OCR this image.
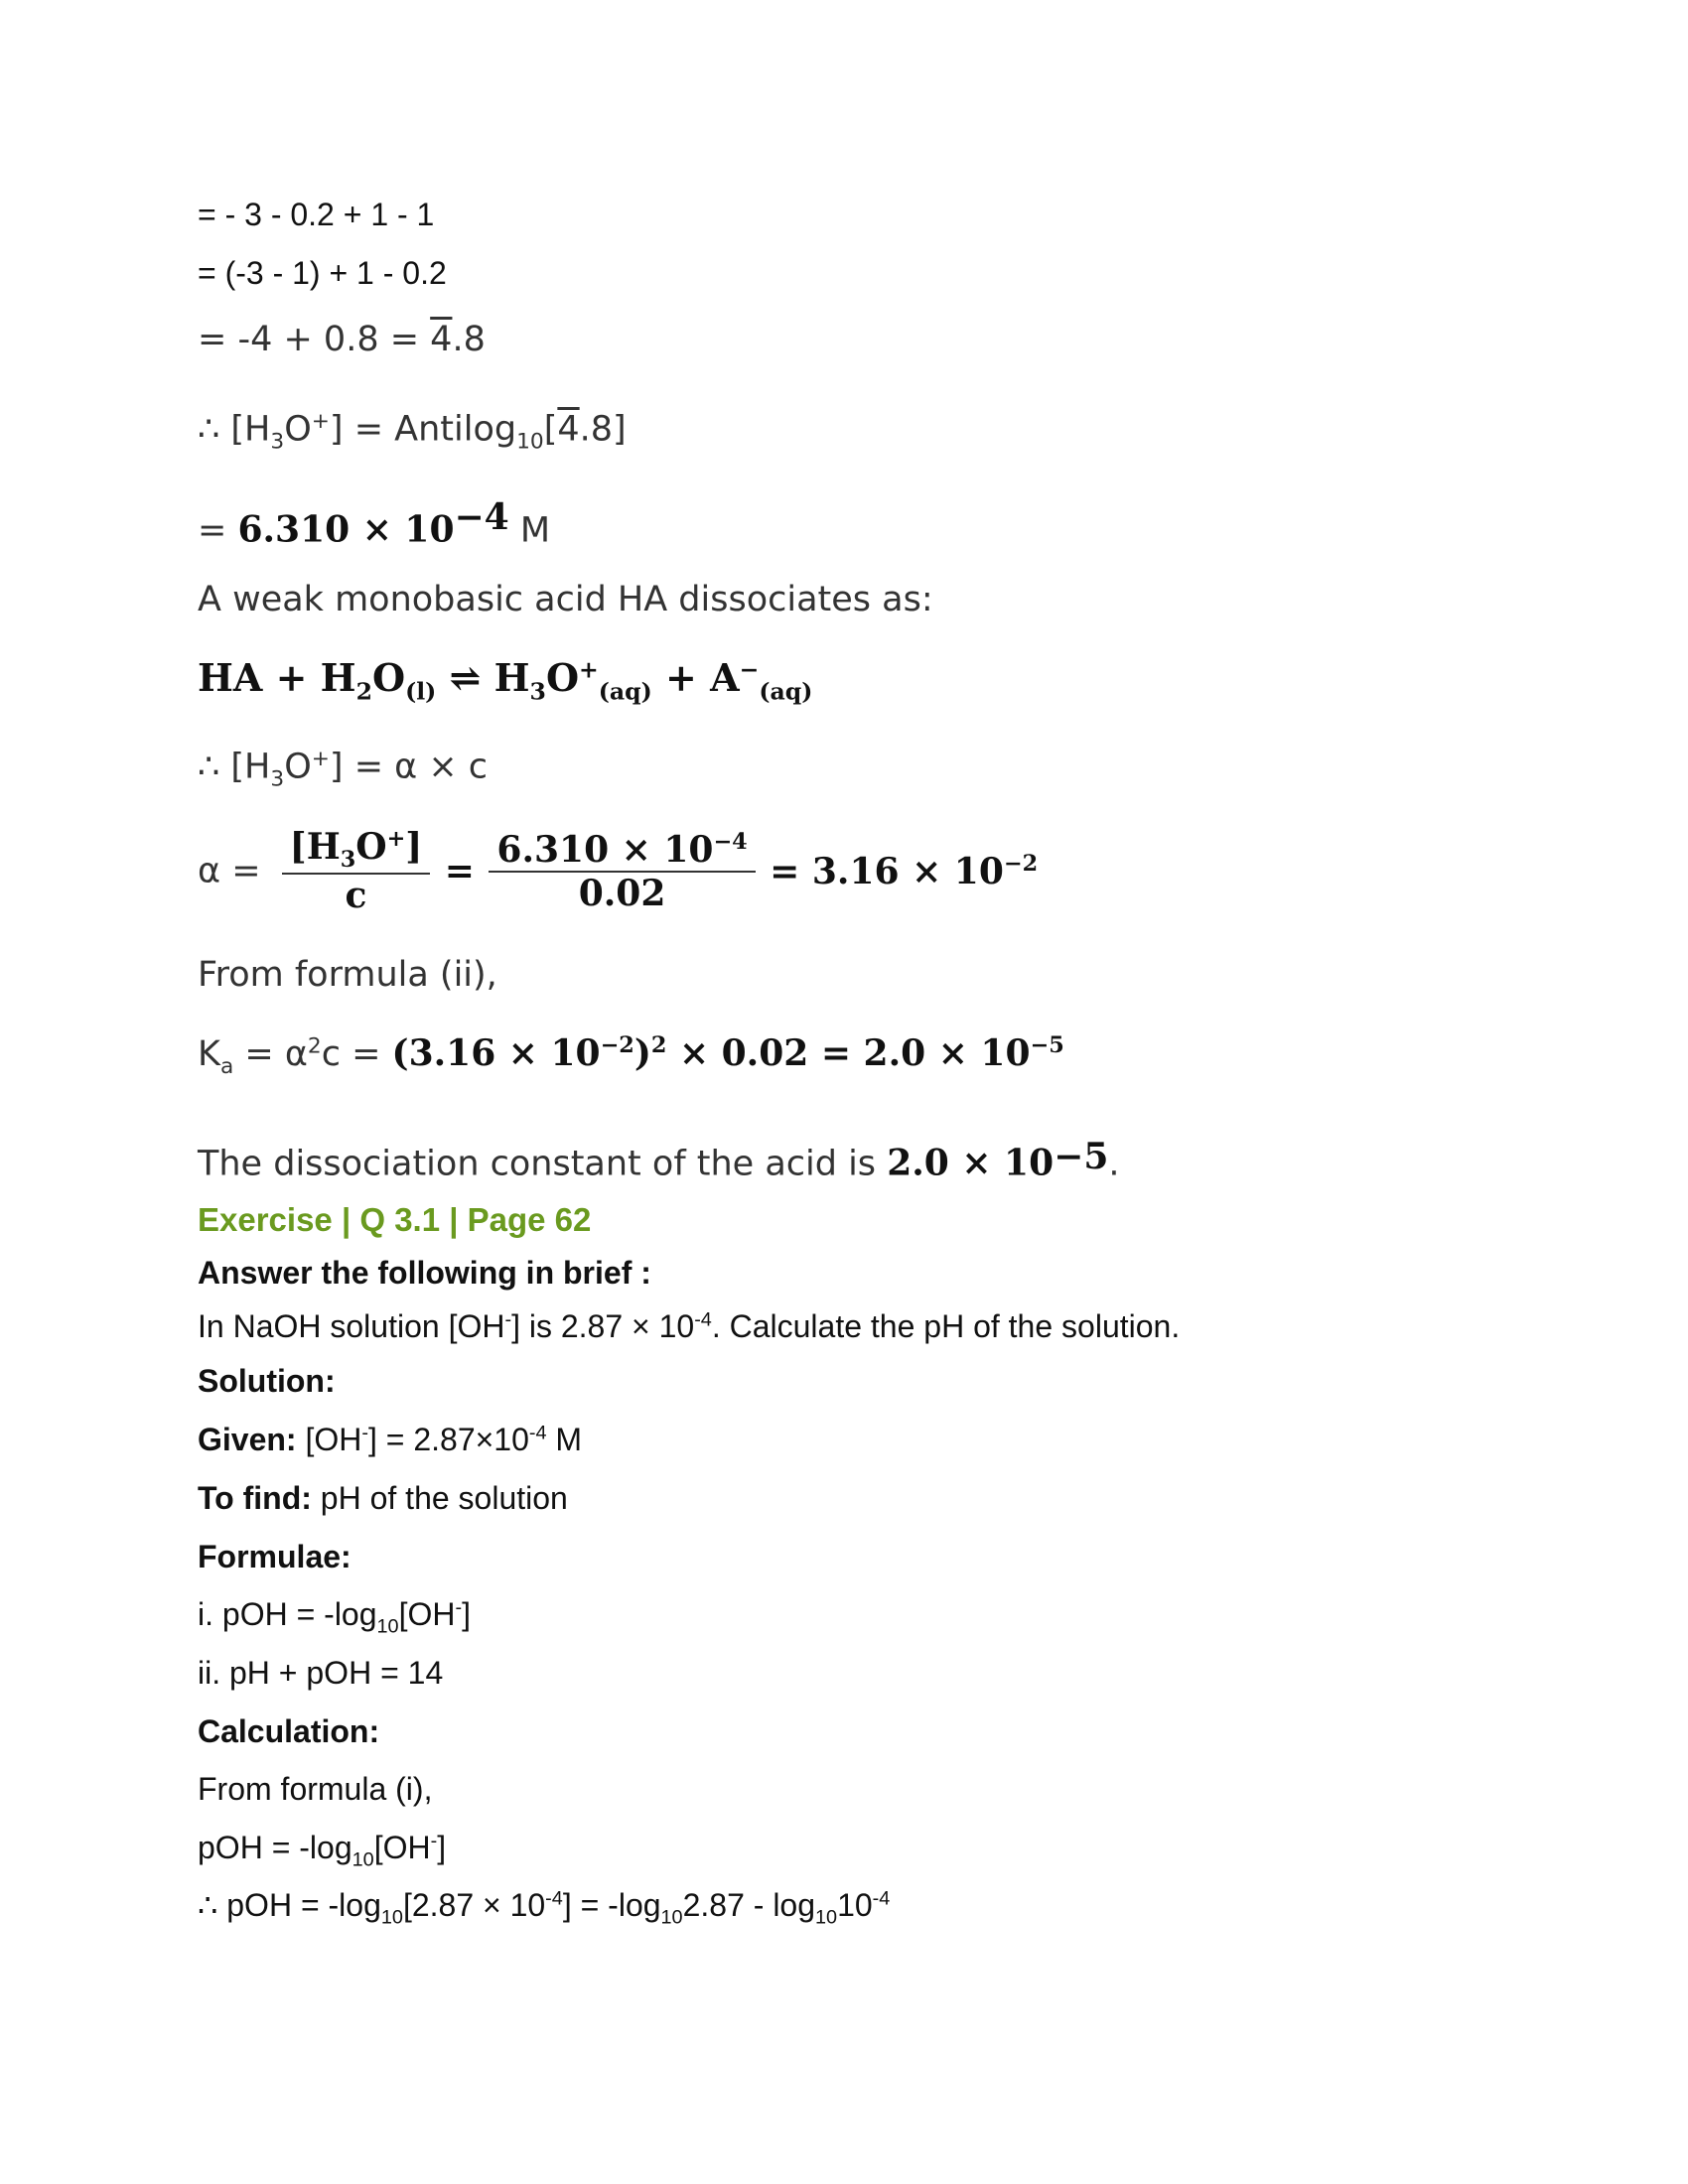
= - 3 - 0.2 + 1 - 1
= (-3 - 1) + 1 - 0.2
= -4 + 0.8 = 4.8
∴ $[H_3O^+]$ = Antilog$_{10}$[4.8]
= $6.310 \times 10^{-4}$ M
A weak monobasic acid HA dissociates as:
HA + $H_2O_{(l)}$ ⇌ $H_3O^+_{(aq)} + A^-_{(aq)}$
∴ $[H_3O^+] = \alpha \times c$
$\alpha = \frac{[H_3O^+]}{c} = \frac{6.310 \times 10^{-4}}{0.02} = 3.16 \times 10^{-2}$
From formula (ii),
$K_a = \alpha^2c = (3.16 \times 10^{-2})^2 \times 0.02 = 2.0 \times 10^{-5}$
The dissociation constant of the acid is $2.0 \times 10^{-5}$.
Exercise | Q 3.1 | Page 62
Answer the following in brief :
In NaOH solution [OH-] is $2.87 \times 10^{-4}$. Calculate the pH of the solution.
Solution:
Given: $[OH^-] = 2.87\times 10^{-4}$ M
To find: pH of the solution
Formulae:
i. pOH = $-\log_{10}[OH^-]$
ii. pH + pOH = 14
Calculation:
From formula (i),
pOH = $-\log_{10}[OH^-]$
∴ pOH = $-\log_{10}[2.87 \times 10^{-4}] = -\log_{10}2.87 - \log_{10}10^{-4}$
